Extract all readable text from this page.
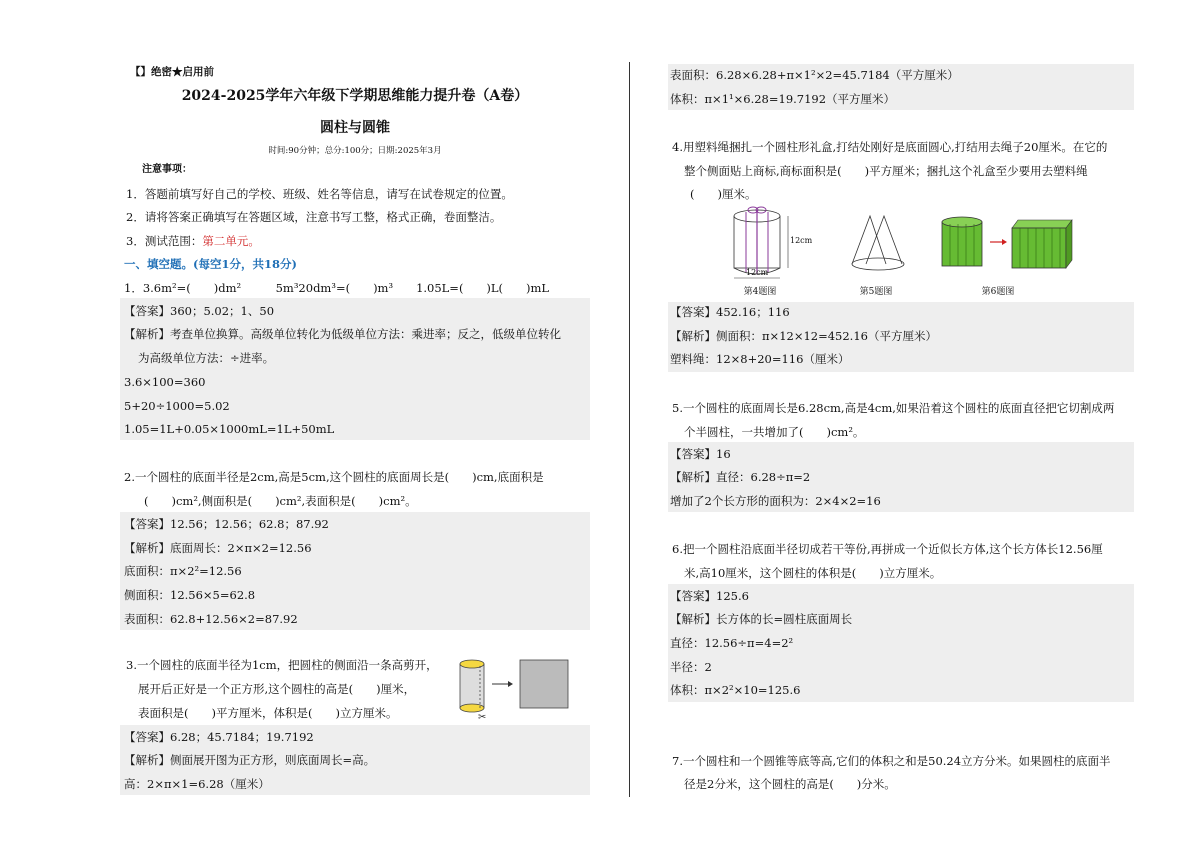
【】绝密★启用前
2024-2025学年六年级下学期思维能力提升卷（A卷）
圆柱与圆锥
时间:90分钟；总分:100分；日期:2025年3月
注意事项：
1．答题前填写好自己的学校、班级、姓名等信息，请写在试卷规定的位置。
2．请将答案正确填写在答题区域，注意书写工整，格式正确，卷面整洁。
3．测试范围：第二单元。
一、填空题。(每空1分，共18分)
1．3.6m²=(　　)dm²　　　5m³20dm³=(　　)m³　　1.05L=(　　)L(　　)mL
【答案】360；5.02；1、50
【解析】考查单位换算。高级单位转化为低级单位方法：乘进率；反之，低级单位转化
为高级单位方法：÷进率。
3.6×100=360
5+20÷1000=5.02
1.05=1L+0.05×1000mL=1L+50mL
2.一个圆柱的底面半径是2cm,高是5cm,这个圆柱的底面周长是(　　)cm,底面积是
(　　)cm²,侧面积是(　　)cm²,表面积是(　　)cm²。
【答案】12.56；12.56；62.8；87.92
【解析】底面周长：2×π×2=12.56
底面积：π×2²=12.56
侧面积：12.56×5=62.8
表面积：62.8+12.56×2=87.92
3.一个圆柱的底面半径为1cm，把圆柱的侧面沿一条高剪开，
展开后正好是一个正方形,这个圆柱的高是(　　)厘米，
表面积是(　　)平方厘米，体积是(　　)立方厘米。	✂
【答案】6.28；45.7184；19.7192
【解析】侧面展开图为正方形，则底面周长=高。
高：2×π×1=6.28（厘米）
表面积：6.28×6.28+π×1²×2=45.7184（平方厘米）
体积：π×1¹×6.28=19.7192（平方厘米）
4.用塑料绳捆扎一个圆柱形礼盒,打结处刚好是底面圆心,打结用去绳子20厘米。在它的
整个侧面贴上商标,商标面积是(　　)平方厘米；捆扎这个礼盒至少要用去塑料绳
(　　)厘米。
12cm
12cm
第4题图	第5题图	第6题图
【答案】452.16；116
【解析】侧面积：π×12×12=452.16（平方厘米）
塑料绳：12×8+20=116（厘米）
5.一个圆柱的底面周长是6.28cm,高是4cm,如果沿着这个圆柱的底面直径把它切割成两
个半圆柱，一共增加了(　　)cm²。
【答案】16
【解析】直径：6.28÷π=2
增加了2个长方形的面积为：2×4×2=16
6.把一个圆柱沿底面半径切成若干等份,再拼成一个近似长方体,这个长方体长12.56厘
米,高10厘米，这个圆柱的体积是(　　)立方厘米。
【答案】125.6
【解析】长方体的长=圆柱底面周长
直径：12.56÷π=4=2²
半径：2
体积：π×2²×10=125.6
7.一个圆柱和一个圆锥等底等高,它们的体积之和是50.24立方分米。如果圆柱的底面半
径是2分米，这个圆柱的高是(　　)分米。
